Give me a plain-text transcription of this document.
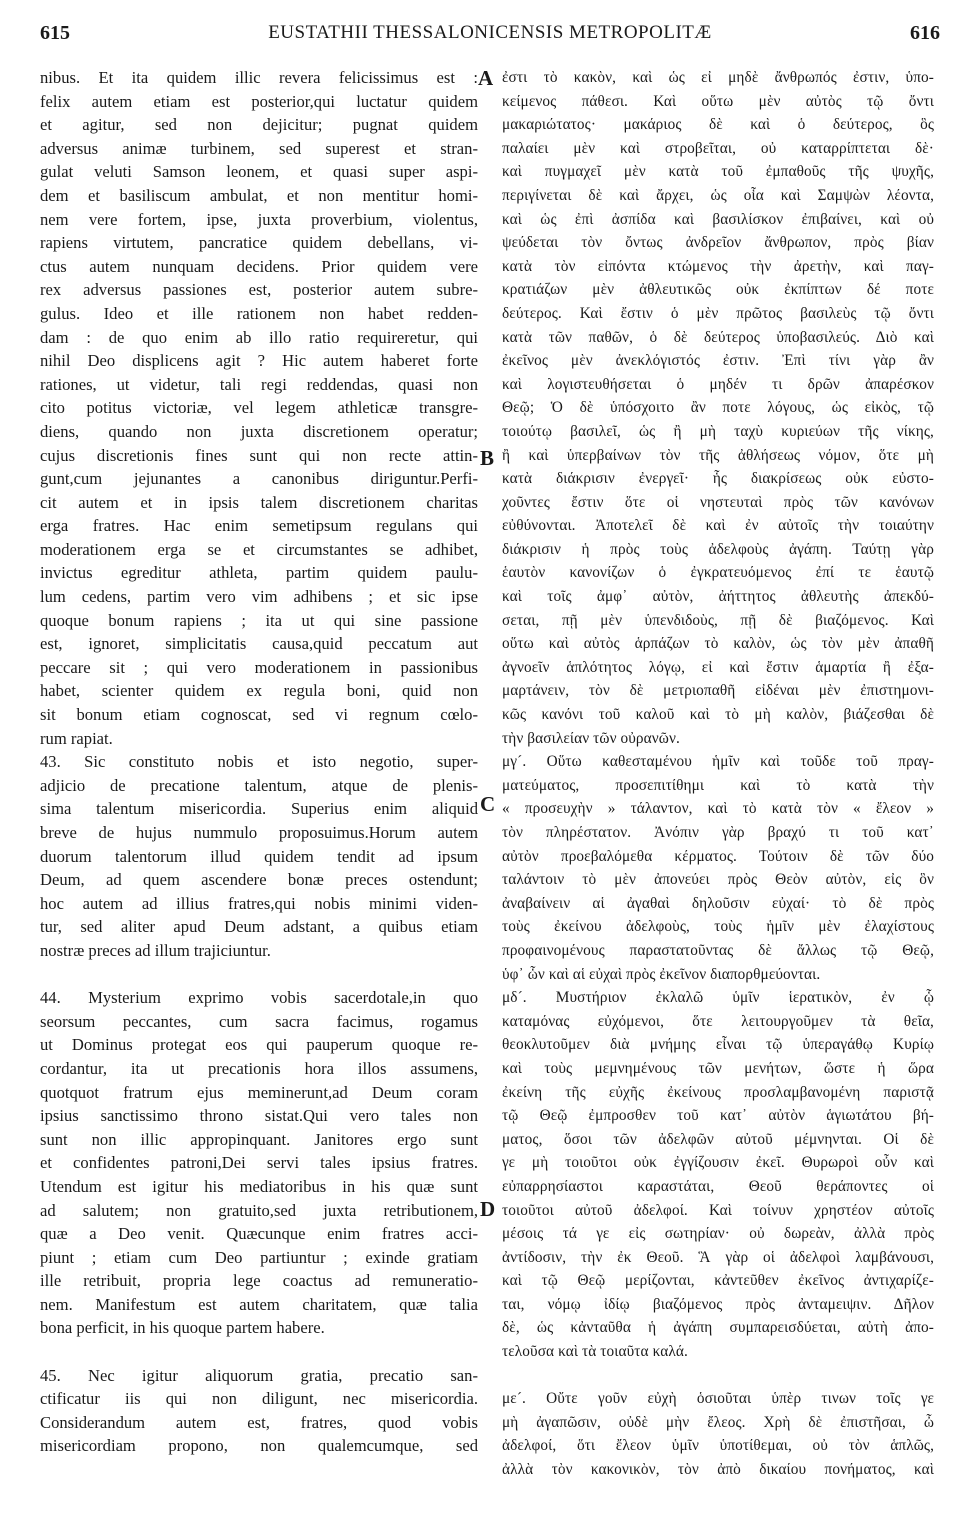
615	EUSTATHII THESSALONICENSIS METROPOLITÆ	616
nibus. Et ita quidem illic revera felicissimus est :
felix autem etiam est posterior,qui luctatur quidem
et agitur, sed non dejicitur; pugnat quidem
adversus animæ turbinem, sed superest et stran-
gulat veluti Samson leonem, et quasi super aspi-
dem et basiliscum ambulat, et non mentitur homi-
nem vere fortem, ipse, juxta proverbium, violentus,
rapiens virtutem, pancratice quidem debellans, vi-
ctus autem nunquam decidens. Prior quidem vere
rex adversus passiones est, posterior autem subre-
gulus. Ideo et ille rationem non habet redden-
dam : de quo enim ab illo ratio requireretur, qui
nihil Deo displicens agit ? Hic autem haberet forte
rationes, ut videtur, tali regi reddendas, quasi non
cito potitus victoriæ, vel legem athleticæ transgre-
diens, quando non juxta discretionem operatur;
cujus discretionis fines sunt qui non recte attin-
gunt,cum jejunantes a canonibus diriguntur.Perfi-
cit autem et in ipsis talem discretionem charitas
erga fratres. Hac enim semetipsum regulans qui
moderationem erga se et circumstantes se adhibet,
invictus egreditur athleta, partim quidem paulu-
lum cedens, partim vero vim adhibens ; et sic ipse
quoque bonum rapiens ; ita ut qui sine passione
est, ignoret, simplicitatis causa,quid peccatum aut
peccare sit ; qui vero moderationem in passionibus
habet, scienter quidem ex regula boni, quid non
sit bonum etiam cognoscat, sed vi regnum cœlo-
rum rapiat.
43. Sic constituto nobis et isto negotio, super-
adjicio de precatione talentum, atque de plenis-
sima talentum misericordia. Superius enim aliquid
breve de hujus nummulo proposuimus.Horum autem
duorum talentorum illud quidem tendit ad ipsum
Deum, ad quem ascendere bonæ preces ostendunt;
hoc autem ad illius fratres,qui nobis minimi viden-
tur, sed aliter apud Deum adstant, a quibus etiam
nostræ preces ad illum trajiciuntur.
44. Mysterium exprimo vobis sacerdotale,in quo
seorsum peccantes, cum sacra facimus, rogamus
ut Dominus protegat eos qui pauperum quoque re-
cordantur, ita ut precationis hora illos assumens,
quotquot fratrum ejus meminerunt,ad Deum coram
ipsius sanctissimo throno sistat.Qui vero tales non
sunt non illic appropinquant. Janitores ergo sunt
et confidentes patroni,Dei servi tales ipsius fratres.
Utendum est igitur his mediatoribus in his quæ sunt
ad salutem; non gratuito,sed juxta retributionem,
quæ a Deo venit. Quæcunque enim fratres acci-
piunt ; etiam cum Deo partiuntur ; exinde gratiam
ille retribuit, propria lege coactus ad remuneratio-
nem. Manifestum est autem charitatem, quæ talia
bona perficit, in his quoque partem habere.
45. Nec igitur aliquorum gratia, precatio san-
ctificatur iis qui non diligunt, nec misericordia.
Considerandum autem est, fratres, quod vobis
misericordiam propono, non qualemcumque, sed
ἐστι τὸ κακὸν, καὶ ὡς εἰ μηδὲ ἄνθρωπός ἐστιν, ὑπο-
κείμενος πάθεσι. Καὶ οὕτω μὲν αὐτὸς τῷ ὄντι
μακαριώτατος· μακάριος δὲ καὶ ὁ δεύτερος, ὃς
παλαίει μὲν καὶ στροβεῖται, οὐ καταρρίπτεται δὲ·
καὶ πυγμαχεῖ μὲν κατὰ τοῦ ἐμπαθοῦς τῆς ψυχῆς,
περιγίνεται δὲ καὶ ἄρχει, ὡς οἷα καὶ Σαμψὼν λέοντα,
καὶ ὡς ἐπὶ ἀσπίδα καὶ βασιλίσκον ἐπιβαίνει, καὶ οὐ
ψεύδεται τὸν ὄντως ἀνδρεῖον ἄνθρωπον, πρὸς βίαν
κατὰ τὸν εἰπόντα κτώμενος τὴν ἀρετὴν, καὶ παγ-
κρατιάζων μὲν ἀθλευτικῶς οὐκ ἐκπίπτων δέ ποτε
δεύτερος. Καὶ ἔστιν ὁ μὲν πρῶτος βασιλεὺς τῷ ὄντι
κατὰ τῶν παθῶν, ὁ δὲ δεύτερος ὑποβασιλεύς. Διὸ καὶ
ἐκεῖνος μὲν ἀνεκλόγιστός ἐστιν. Ἐπὶ τίνι γὰρ ἂν
καὶ λογιστευθήσεται ὁ μηδέν τι δρῶν ἀπαρέσκον
Θεῷ; Ὁ δὲ ὑπόσχοιτο ἂν ποτε λόγους, ὡς εἰκὸς, τῷ
τοιούτῳ βασιλεῖ, ὡς ἢ μὴ ταχὺ κυριεύων τῆς νίκης,
ἢ καὶ ὑπερβαίνων τὸν τῆς ἀθλήσεως νόμον, ὅτε μὴ
κατὰ διάκρισιν ἐνεργεῖ· ἧς διακρίσεως οὐκ εὐστο-
χοῦντες ἔστιν ὅτε οἱ νηστευταὶ πρὸς τῶν κανόνων
εὐθύνονται. Ἀποτελεῖ δὲ καὶ ἐν αὐτοῖς τὴν τοιαύτην
διάκρισιν ἡ πρὸς τοὺς ἀδελφοὺς ἀγάπη. Ταύτῃ γὰρ
ἑαυτὸν κανονίζων ὁ ἐγκρατευόμενος ἐπί τε ἑαυτῷ
καὶ τοῖς ἀμφ᾽ αὐτὸν, ἀήττητος ἀθλευτὴς ἀπεκδύ-
σεται, πῇ μὲν ὑπενδιδοὺς, πῇ δὲ βιαζόμενος. Καὶ
οὕτω καὶ αὐτὸς ἁρπάζων τὸ καλὸν, ὡς τὸν μὲν ἀπαθῆ
ἀγνοεῖν ἁπλότητος λόγῳ, εἰ καὶ ἔστιν ἁμαρτία ἢ ἐξα-
μαρτάνειν, τὸν δὲ μετριοπαθῆ εἰδέναι μὲν ἐπιστημονι-
κῶς κανόνι τοῦ καλοῦ καὶ τὸ μὴ καλὸν, βιάζεσθαι δὲ
τὴν βασιλείαν τῶν οὐρανῶν.
μγ´. Οὕτω καθεσταμένου ἡμῖν καὶ τοῦδε τοῦ πραγ-
ματεύματος, προσεπιτίθημι καὶ τὸ κατὰ τὴν
« προσευχὴν » τάλαντον, καὶ τὸ κατὰ τὸν « ἔλεον »
τὸν πληρέστατον. Ἀνόπιν γὰρ βραχύ τι τοῦ κατ᾽
αὐτὸν προεβαλόμεθα κέρματος. Τούτοιν δὲ τῶν δύο
ταλάντοιν τὸ μὲν ἀπονεύει πρὸς Θεὸν αὐτὸν, εἰς ὃν
ἀναβαίνειν αἱ ἀγαθαὶ δηλοῦσιν εὐχαί· τὸ δὲ πρὸς
τοὺς ἐκείνου ἀδελφοὺς, τοὺς ἡμῖν μὲν ἐλαχίστους
προφαινομένους παραστατοῦντας δὲ ἄλλως τῷ Θεῷ,
ὑφ᾽ ὧν καὶ αἱ εὐχαὶ πρὸς ἐκεῖνον διαπορθμεύονται.
μδ´. Μυστήριον ἐκλαλῶ ὑμῖν ἱερατικὸν, ἐν ᾧ
καταμόνας εὐχόμενοι, ὅτε λειτουργοῦμεν τὰ θεῖα,
θεοκλυτοῦμεν διὰ μνήμης εἶναι τῷ ὑπεραγάθῳ Κυρίῳ
καὶ τοὺς μεμνημένους τῶν μενήτων, ὥστε ἡ ὥρα
ἐκείνη τῆς εὐχῆς ἐκείνους προσλαμβανομένη παριστᾷ
τῷ Θεῷ ἐμπροσθεν τοῦ κατ᾽ αὐτὸν ἁγιωτάτου βή-
ματος, ὅσοι τῶν ἀδελφῶν αὐτοῦ μέμνηνται. Οἱ δὲ
γε μὴ τοιοῦτοι οὐκ ἐγγίζουσιν ἐκεῖ. Θυρωροὶ οὖν καὶ
εὐπαρρησίαστοι καραστάται, Θεοῦ θεράποντες οἱ
τοιοῦτοι αὐτοῦ ἀδελφοί. Καὶ τοίνυν χρηστέον αὐτοῖς
μέσοις τά γε εἰς σωτηρίαν· οὐ δωρεὰν, ἀλλὰ πρὸς
ἀντίδοσιν, τὴν ἐκ Θεοῦ. Ἃ γὰρ οἱ ἀδελφοὶ λαμβάνουσι,
καὶ τῷ Θεῷ μερίζονται, κἀντεῦθεν ἐκεῖνος ἀντιχαρίζε-
ται, νόμῳ ἰδίῳ βιαζόμενος πρὸς ἀνταμειψιν. Δῆλον
δὲ, ὡς κἀνταῦθα ἡ ἀγάπη συμπαρεισδύεται, αὐτὴ ἀπο-
τελοῦσα καὶ τὰ τοιαῦτα καλά.
με´. Οὔτε γοῦν εὐχὴ ὁσιοῦται ὑπὲρ τινων τοῖς γε
μὴ ἀγαπῶσιν, οὐδὲ μὴν ἔλεος. Χρὴ δὲ ἐπιστῆσαι, ὦ
ἀδελφοί, ὅτι ἔλεον ὑμῖν ὑποτίθεμαι, οὐ τὸν ἁπλῶς,
ἀλλὰ τὸν κακονικὸν, τὸν ἀπὸ δικαίου πονήματος, καὶ
A
B
C
D
